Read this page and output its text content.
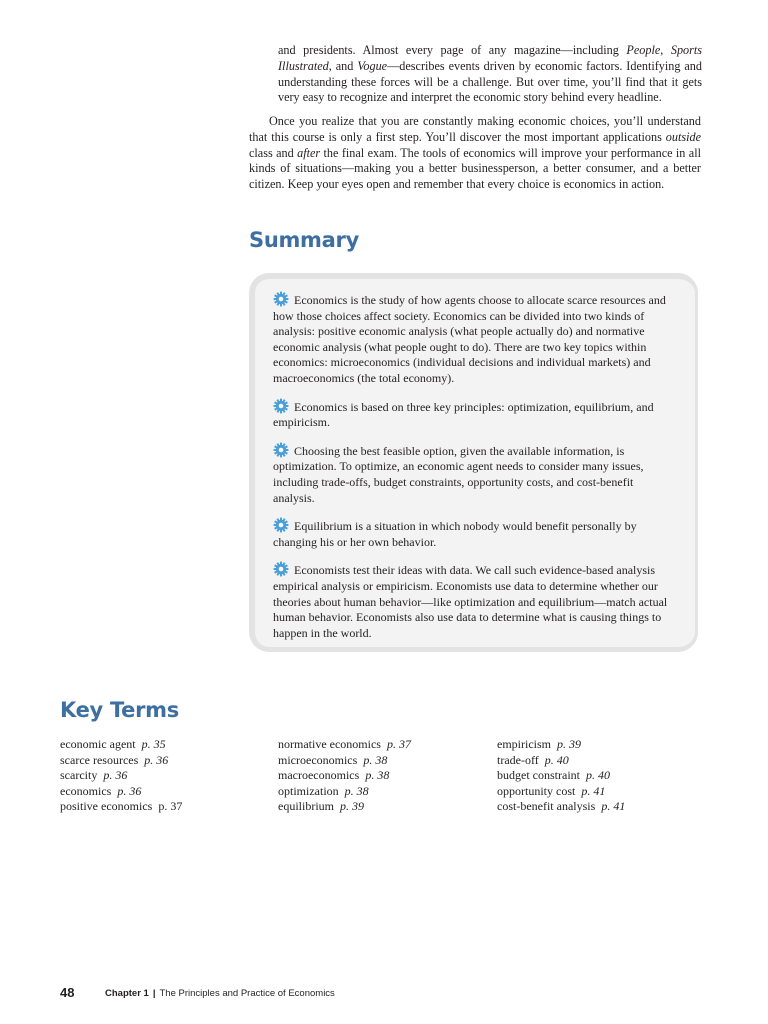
and presidents. Almost every page of any magazine—including People, Sports Illustrated, and Vogue—describes events driven by economic factors. Identifying and understanding these forces will be a challenge. But over time, you’ll find that it gets very easy to recognize and interpret the economic story behind every headline.

Once you realize that you are constantly making economic choices, you’ll understand that this course is only a first step. You’ll discover the most important applications outside class and after the final exam. The tools of economics will improve your performance in all kinds of situations—making you a better businessperson, a better consumer, and a better citizen. Keep your eyes open and remember that every choice is economics in action.

Summary

Economics is the study of how agents choose to allocate scarce resources and how those choices affect society. Economics can be divided into two kinds of analysis: positive economic analysis (what people actually do) and normative economic analysis (what people ought to do). There are two key topics within economics: microeconomics (individual decisions and individual markets) and macroeconomics (the total economy).

Economics is based on three key principles: optimization, equilibrium, and empiricism.

Choosing the best feasible option, given the available information, is optimization. To optimize, an economic agent needs to consider many issues, including trade-offs, budget constraints, opportunity costs, and cost-benefit analysis.

Equilibrium is a situation in which nobody would benefit personally by changing his or her own behavior.

Economists test their ideas with data. We call such evidence-based analysis empirical analysis or empiricism. Economists use data to determine whether our theories about human behavior—like optimization and equilibrium—match actual human behavior. Economists also use data to determine what is causing things to happen in the world.

Key Terms
economic agent p. 35
scarce resources p. 36
scarcity p. 36
economics p. 36
positive economics p. 37
normative economics p. 37
microeconomics p. 38
macroeconomics p. 38
optimization p. 38
equilibrium p. 39
empiricism p. 39
trade-off p. 40
budget constraint p. 40
opportunity cost p. 41
cost-benefit analysis p. 41
48	Chapter 1 | The Principles and Practice of Economics
